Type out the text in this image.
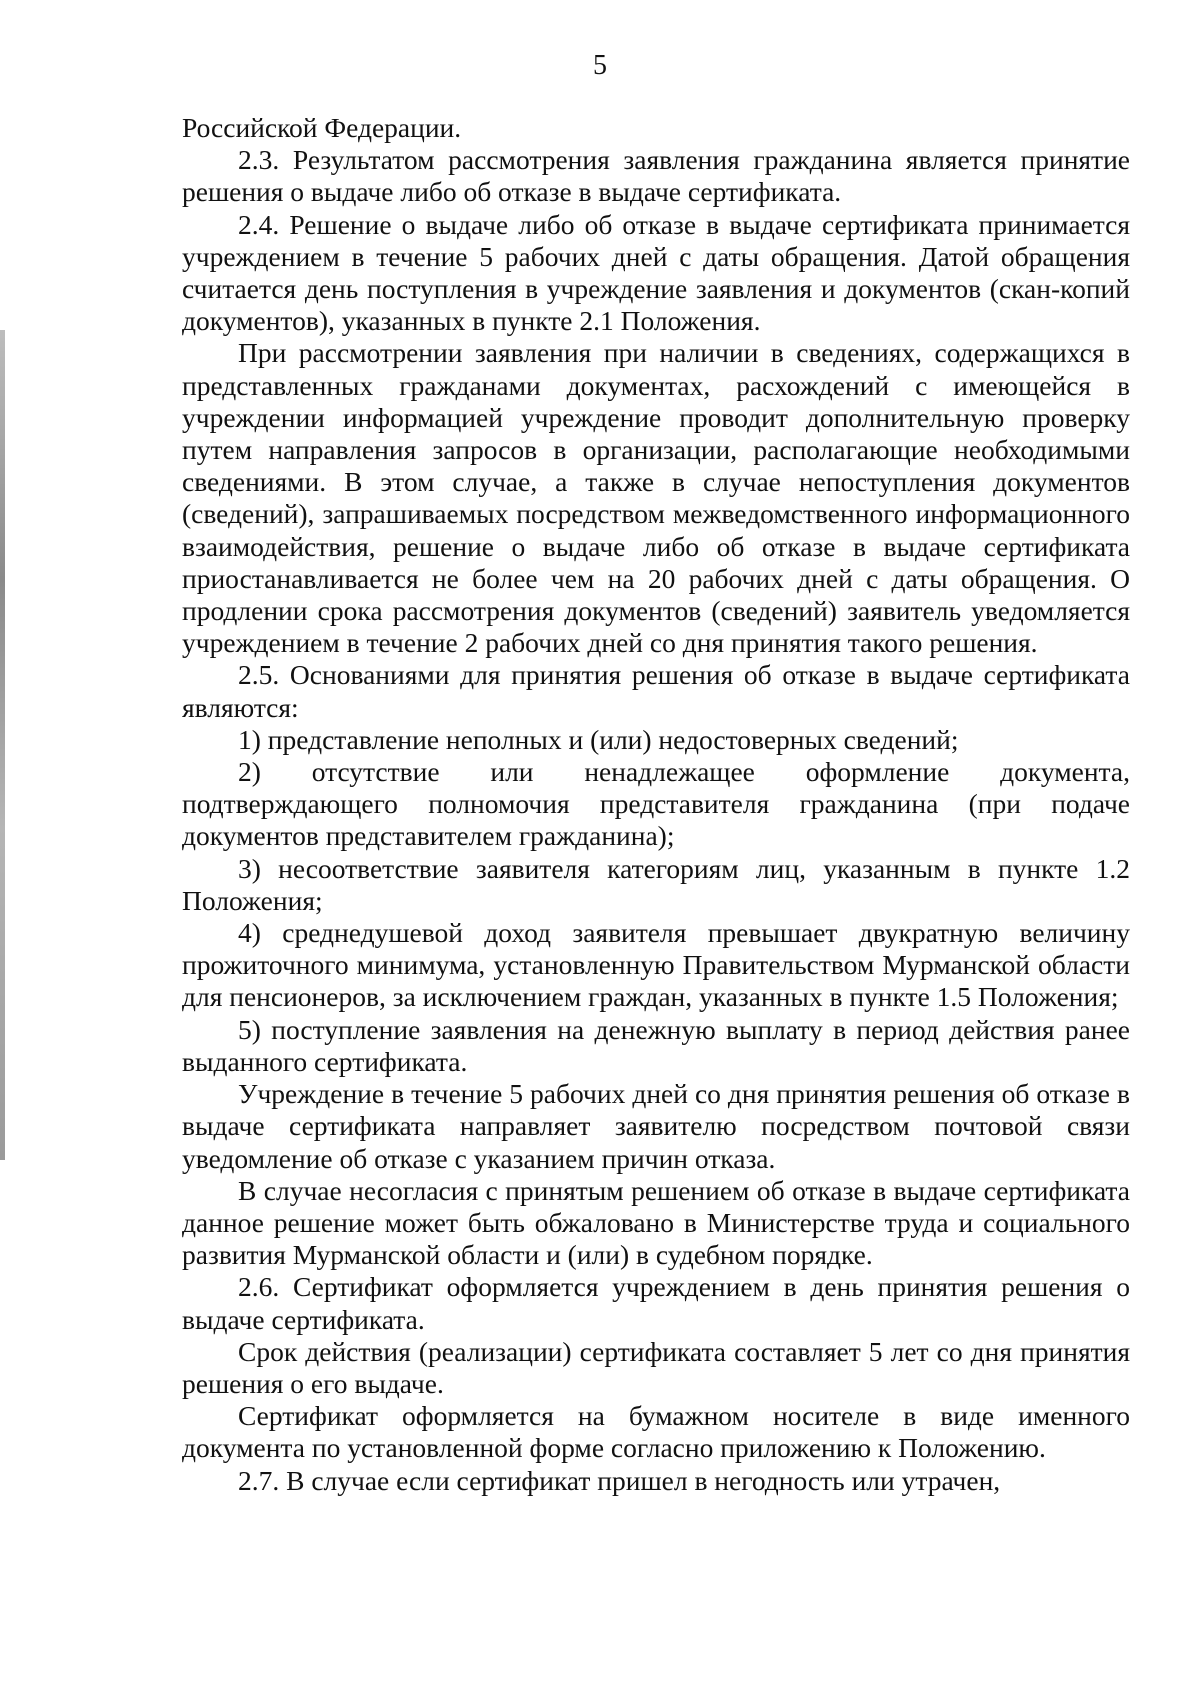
5

Российской Федерации.

2.3. Результатом рассмотрения заявления гражданина является принятие решения о выдаче либо об отказе в выдаче сертификата.

2.4. Решение о выдаче либо об отказе в выдаче сертификата принимается учреждением в течение 5 рабочих дней с даты обращения. Датой обращения считается день поступления в учреждение заявления и документов (скан-копий документов), указанных в пункте 2.1 Положения.

При рассмотрении заявления при наличии в сведениях, содержащихся в представленных гражданами документах, расхождений с имеющейся в учреждении информацией учреждение проводит дополнительную проверку путем направления запросов в организации, располагающие необходимыми сведениями. В этом случае, а также в случае непоступления документов (сведений), запрашиваемых посредством межведомственного информационного взаимодействия, решение о выдаче либо об отказе в выдаче сертификата приостанавливается не более чем на 20 рабочих дней с даты обращения. О продлении срока рассмотрения документов (сведений) заявитель уведомляется учреждением в течение 2 рабочих дней со дня принятия такого решения.

2.5. Основаниями для принятия решения об отказе в выдаче сертификата являются:

1) представление неполных и (или) недостоверных сведений;

2) отсутствие или ненадлежащее оформление документа, подтверждающего полномочия представителя гражданина (при подаче документов представителем гражданина);

3) несоответствие заявителя категориям лиц, указанным в пункте 1.2 Положения;

4) среднедушевой доход заявителя превышает двукратную величину прожиточного минимума, установленную Правительством Мурманской области для пенсионеров, за исключением граждан, указанных в пункте 1.5 Положения;

5) поступление заявления на денежную выплату в период действия ранее выданного сертификата.

Учреждение в течение 5 рабочих дней со дня принятия решения об отказе в выдаче сертификата направляет заявителю посредством почтовой связи уведомление об отказе с указанием причин отказа.

В случае несогласия с принятым решением об отказе в выдаче сертификата данное решение может быть обжаловано в Министерстве труда и социального развития Мурманской области и (или) в судебном порядке.

2.6. Сертификат оформляется учреждением в день принятия решения о выдаче сертификата.

Срок действия (реализации) сертификата составляет 5 лет со дня принятия решения о его выдаче.

Сертификат оформляется на бумажном носителе в виде именного документа по установленной форме согласно приложению к Положению.

2.7. В случае если сертификат пришел в негодность или утрачен,
